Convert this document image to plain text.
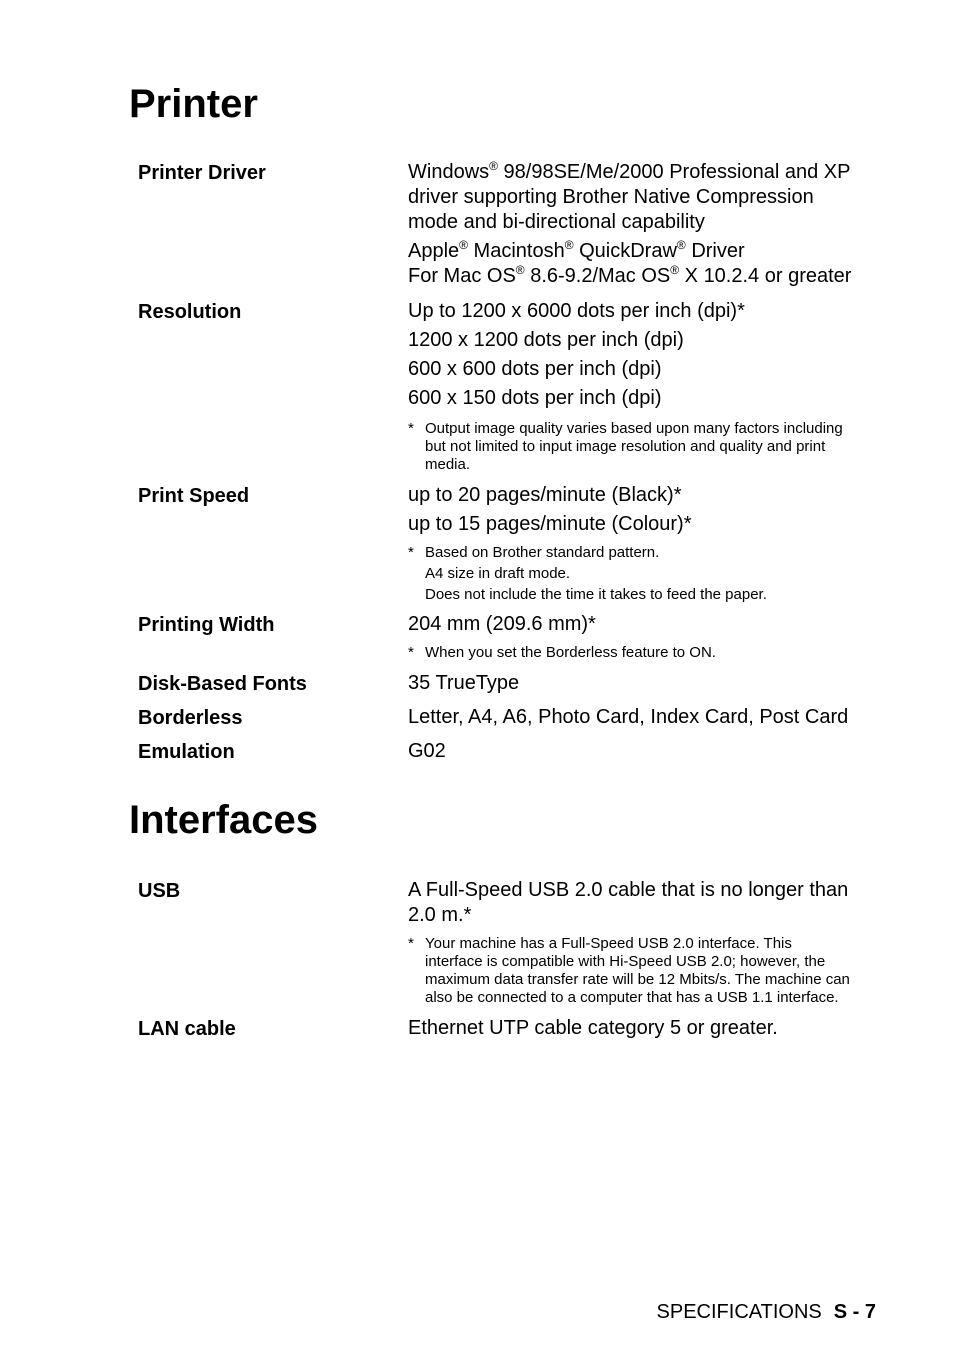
Printer
Printer Driver	Windows® 98/98SE/Me/2000 Professional and XP
driver supporting Brother Native Compression
mode and bi-directional capability
Apple® Macintosh® QuickDraw® Driver
For Mac OS® 8.6-9.2/Mac OS® X 10.2.4 or greater
Resolution	Up to 1200 x 6000 dots per inch (dpi)*
1200 x 1200 dots per inch (dpi)
600 x 600 dots per inch (dpi)
600 x 150 dots per inch (dpi)
* Output image quality varies based upon many factors including
but not limited to input image resolution and quality and print
media.
Print Speed	up to 20 pages/minute (Black)*
up to 15 pages/minute (Colour)*
* Based on Brother standard pattern.
A4 size in draft mode.
Does not include the time it takes to feed the paper.
Printing Width	204 mm (209.6 mm)*
* When you set the Borderless feature to ON.
Disk-Based Fonts	35 TrueType
Borderless	Letter, A4, A6, Photo Card, Index Card, Post Card
Emulation	G02
Interfaces
USB	A Full-Speed USB 2.0 cable that is no longer than
2.0 m.*
* Your machine has a Full-Speed USB 2.0 interface. This
interface is compatible with Hi-Speed USB 2.0; however, the
maximum data transfer rate will be 12 Mbits/s. The machine can
also be connected to a computer that has a USB 1.1 interface.
LAN cable	Ethernet UTP cable category 5 or greater.
SPECIFICATIONS S - 7
